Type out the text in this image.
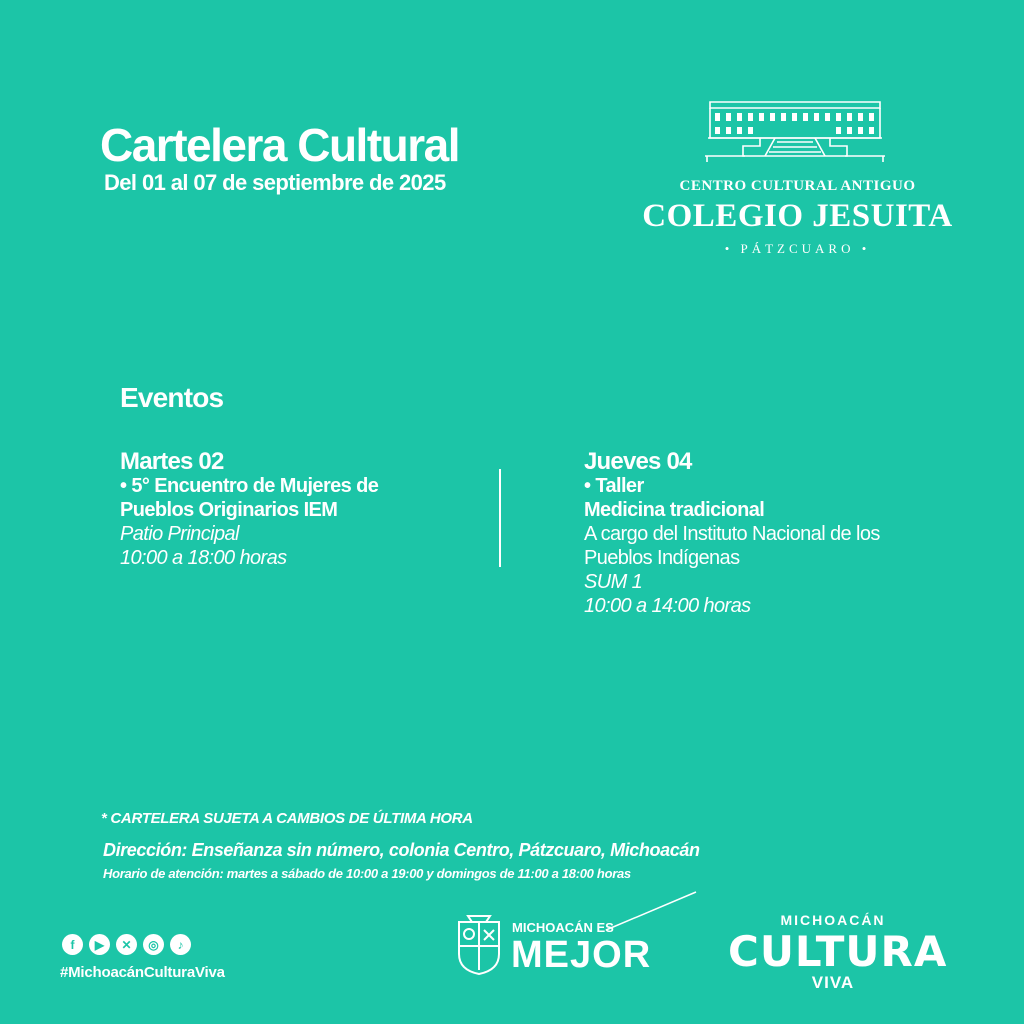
Cartelera Cultural
Del 01 al 07 de septiembre de 2025	CENTRO CULTURAL ANTIGUO
COLEGIO JESUITA
• PÁTZCUARO •
Eventos
Martes 02
• 5° Encuentro de Mujeres de Pueblos Originarios IEM
Patio Principal
10:00 a 18:00 horas
Jueves 04
• Taller
Medicina tradicional
A cargo del Instituto Nacional de los Pueblos Indígenas
SUM 1
10:00 a 14:00 horas
* CARTELERA SUJETA A CAMBIOS DE ÚLTIMA HORA
Dirección: Enseñanza sin número, colonia Centro, Pátzcuaro, Michoacán
Horario de atención: martes a sábado de 10:00 a 19:00 y domingos de 11:00 a 18:00 horas
f	▶	✕	◎	♪
#MichoacánCulturaViva
MICHOACÁN ES
MEJOR
MICHOACÁN
CULTURA
VIVA
